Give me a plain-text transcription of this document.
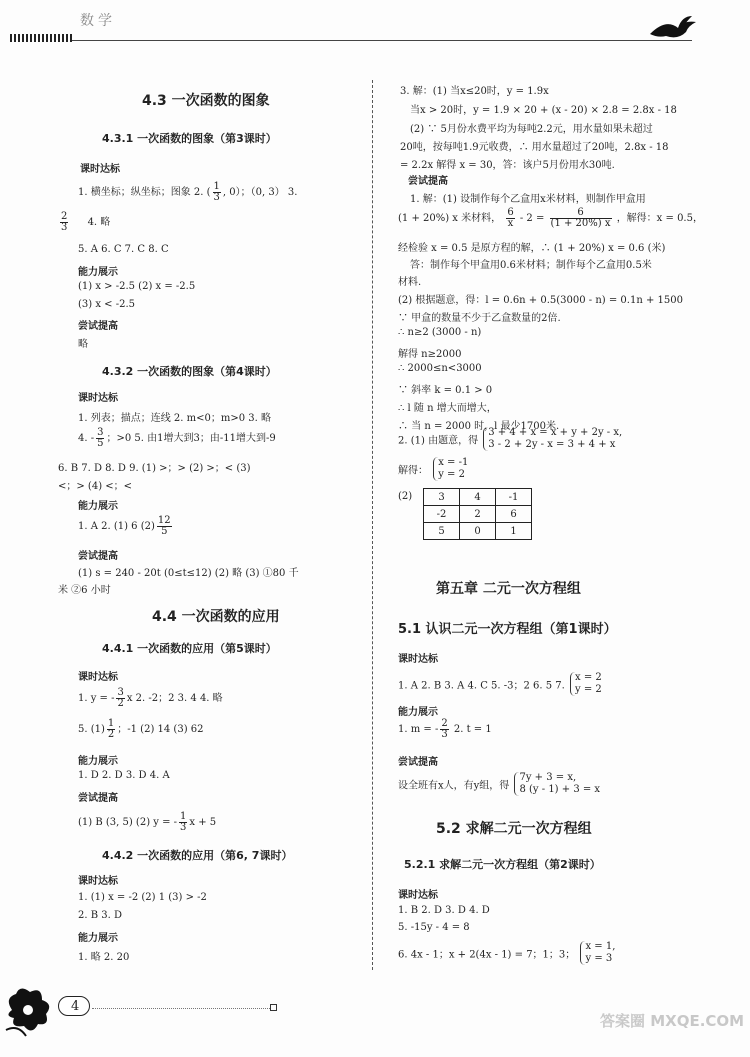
数学
4.3 一次函数的图象
4.3.1 一次函数的图象（第3课时）
课时达标
1. 横坐标；纵坐标；图象 2. ( $\frac{1}{3}$ , 0）；（0, 3） 3.
$\frac{2}{3} 4$. 略
5. A 6. C 7. C 8. C
能力展示
(1) x > -2.5 (2) x = -2.5
(3) x < -2.5
尝试提高
略
4.3.2 一次函数的图象（第4课时）
课时达标
1. 列表；描点；连线 2. m<0；m>0 3. 略
4. - $\frac{3}{5}$ ；>0 5. 由1增大到3；由-11增大到-9
6. B 7. D 8. D 9. (1) >；> (2) >；< (3)
<；> (4) <；<
能力展示
1. A 2. (1) 6 $(2) \frac{12}{5}$
尝试提高
(1) s = 240 - 20t (0≤t≤12) (2) 略 (3) ①80 千
米 ②6 小时
4.4 一次函数的应用
4.4.1 一次函数的应用（第5课时）
课时达标
1. y = - $\frac{3}{2}$ x 2. -2；2 3. 4 4. 略
5. $(1) \frac{1}{2}$ ；-1 (2) 14 (3) 62
能力展示
1. D 2. D 3. D 4. A
尝试提高
(1) B (3, 5) (2) y = - $\frac{1}{3}$ x + 5
4.4.2 一次函数的应用（第6, 7课时）
课时达标
1. (1) x = -2 (2) 1 (3) > -2
2. B 3. D
能力展示
1. 略 2. 20
3. 解：(1) 当x≤20时，y = 1.9x
当x > 20时，y = 1.9 × 20 + (x - 20) × 2.8 = 2.8x - 18
(2) ∵ 5月份水费平均为每吨2.2元，用水量如果未超过
20吨，按每吨1.9元收费，∴ 用水量超过了20吨，2.8x - 18
= 2.2x 解得 x = 30，答：该户5月份用水30吨.
尝试提高
1. 解：(1) 设制作每个乙盒用x米材料，则制作甲盒用
(1 + 20%) x 米材料， $\frac{6}{x} - 2 = \frac{6}{(1 + 20\%) x}$ ，解得：x = 0.5，
经检验 x = 0.5 是原方程的解，∴ (1 + 20%) x = 0.6 (米)
答：制作每个甲盒用0.6米材料；制作每个乙盒用0.5米
材料.
(2) 根据题意，得：l = 0.6n + 0.5(3000 - n) = 0.1n + 1500
∵ 甲盒的数量不少于乙盒数量的2倍.
∴ n≥2 (3000 - n)
解得 n≥2000
∴ 2000≤n<3000
∵ 斜率 k = 0.1 > 0
∴ l 随 n 增大而增大，
∴ 当 n = 2000 时，l 最少1700米.
2. (1) 由题意，得
3 + 4 + x = x + y + 2y - x,
3 - 2 + 2y - x = 3 + 4 + x
解得：
x = -1
y = 2
(2)	3	4	-1
-2	2	6
5	0	1
第五章 二元一次方程组
5.1 认识二元一次方程组（第1课时）
课时达标
1. A 2. B 3. A 4. C 5. -3；2 6. 5 7.
x = 2
y = 2
能力展示
1. m = - $\frac{2}{3} 2$. t = 1
尝试提高
设全班有x人，有y组，得
7y + 3 = x,
8 (y - 1) + 3 = x
5.2 求解二元一次方程组
5.2.1 求解二元一次方程组（第2课时）
课时达标
1. B 2. D 3. D 4. D
5. -15y - 4 = 8
6. 4x - 1；x + 2(4x - 1) = 7；1；3；
x = 1,
y = 3
4
答案圈 MXQE.COM
